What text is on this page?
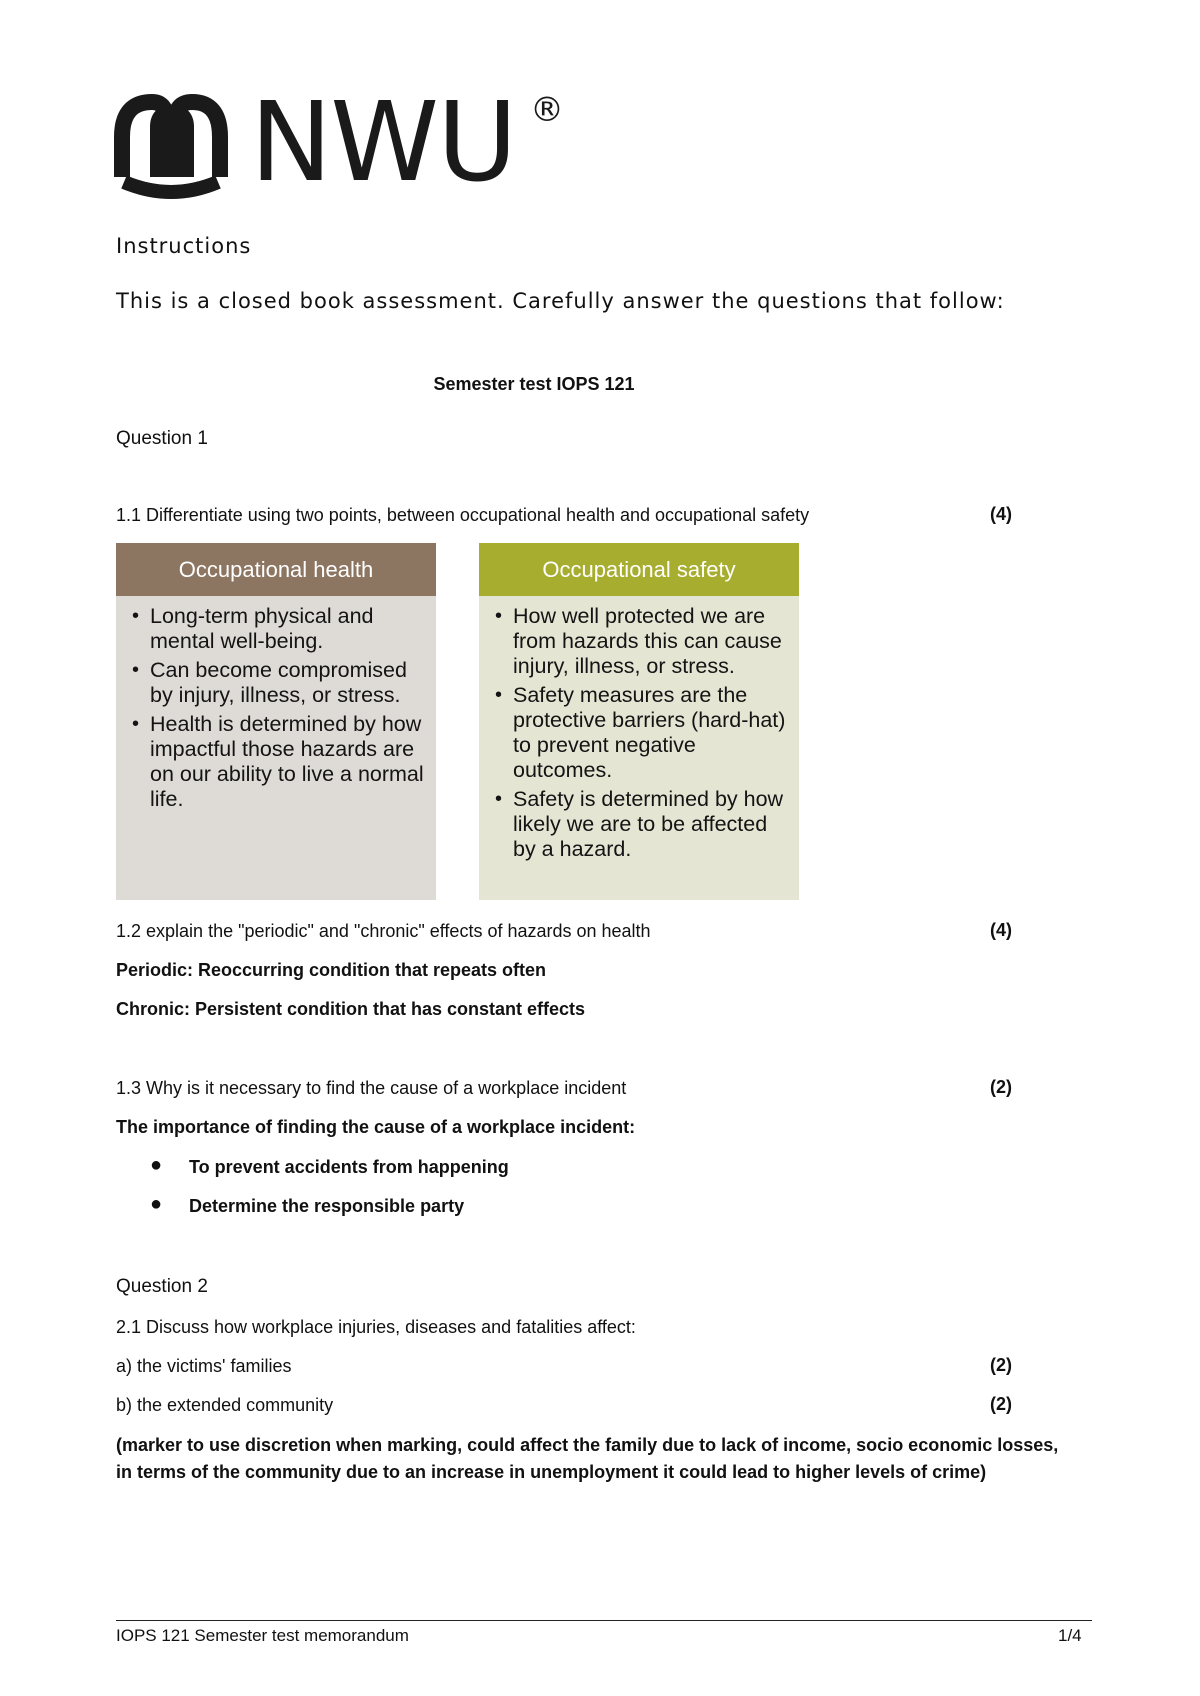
NWU ®
Instructions
This is a closed book assessment. Carefully answer the questions that follow:
Semester test IOPS 121
Question 1
1.1 Differentiate using two points, between occupational health and occupational safety	(4)
Occupational health
• Long-term physical and mental well-being.
• Can become compromised by injury, illness, or stress.
• Health is determined by how impactful those hazards are on our ability to live a normal life.
Occupational safety
• How well protected we are from hazards this can cause injury, illness, or stress.
• Safety measures are the protective barriers (hard-hat) to prevent negative outcomes.
• Safety is determined by how likely we are to be affected by a hazard.
1.2 explain the "periodic" and "chronic" effects of hazards on health	(4)
Periodic: Reoccurring condition that repeats often
Chronic: Persistent condition that has constant effects
1.3 Why is it necessary to find the cause of a workplace incident	(2)
The importance of finding the cause of a workplace incident:
● To prevent accidents from happening
● Determine the responsible party
Question 2
2.1 Discuss how workplace injuries, diseases and fatalities affect:
a) the victims' families	(2)
b) the extended community	(2)
(marker to use discretion when marking, could affect the family due to lack of income, socio economic losses, in terms of the community due to an increase in unemployment it could lead to higher levels of crime)
IOPS 121 Semester test memorandum	1/4
